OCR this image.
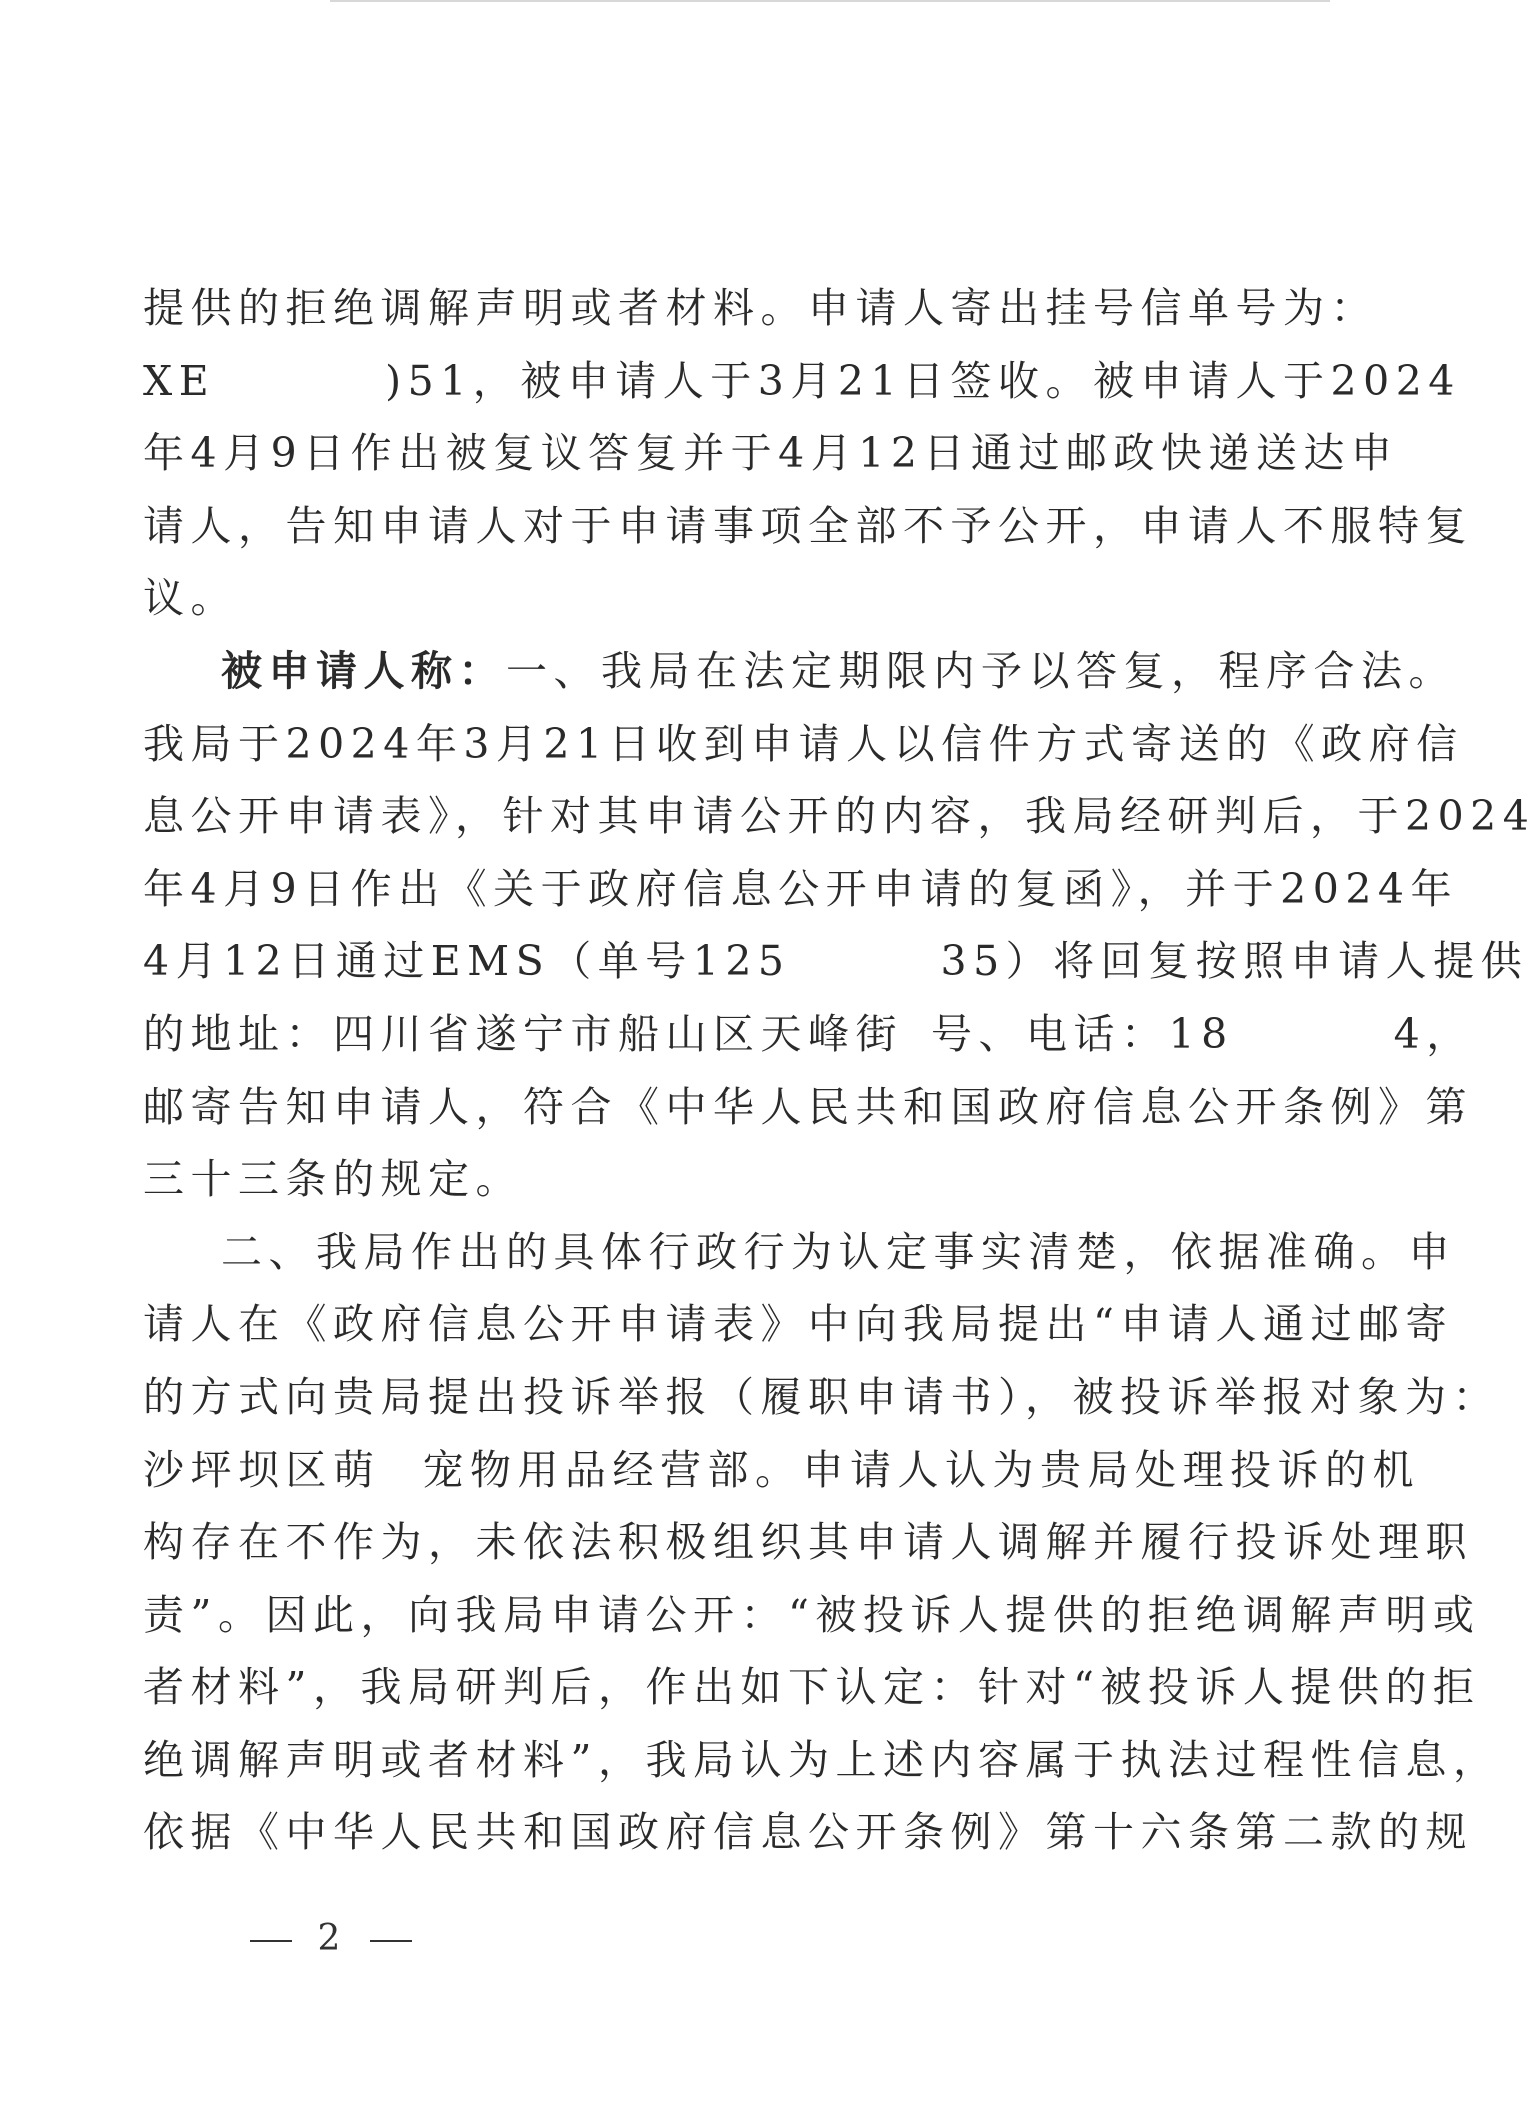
提供的拒绝调解声明或者材料。申请人寄出挂号信单号为：
XE	)51，被申请人于3月21日签收。被申请人于2024
年4月9日作出被复议答复并于4月12日通过邮政快递送达申
请人，告知申请人对于申请事项全部不予公开，申请人不服特复
议。
被申请人称：一、我局在法定期限内予以答复，程序合法。
我局于2024年3月21日收到申请人以信件方式寄送的《政府信
息公开申请表》，针对其申请公开的内容，我局经研判后，于2024
年4月9日作出《关于政府信息公开申请的复函》，并于2024年
4月12日通过EMS（单号125	35）将回复按照申请人提供
的地址：四川省遂宁市船山区天峰街 号、电话：18	4，
邮寄告知申请人，符合《中华人民共和国政府信息公开条例》第
三十三条的规定。
二、我局作出的具体行政行为认定事实清楚，依据准确。申
请人在《政府信息公开申请表》中向我局提出“申请人通过邮寄
的方式向贵局提出投诉举报（履职申请书），被投诉举报对象为：
沙坪坝区萌 宠物用品经营部。申请人认为贵局处理投诉的机
构存在不作为，未依法积极组织其申请人调解并履行投诉处理职
责”。因此，向我局申请公开：“被投诉人提供的拒绝调解声明或
者材料”，我局研判后，作出如下认定：针对“被投诉人提供的拒
绝调解声明或者材料”，我局认为上述内容属于执法过程性信息，
依据《中华人民共和国政府信息公开条例》第十六条第二款的规
2
